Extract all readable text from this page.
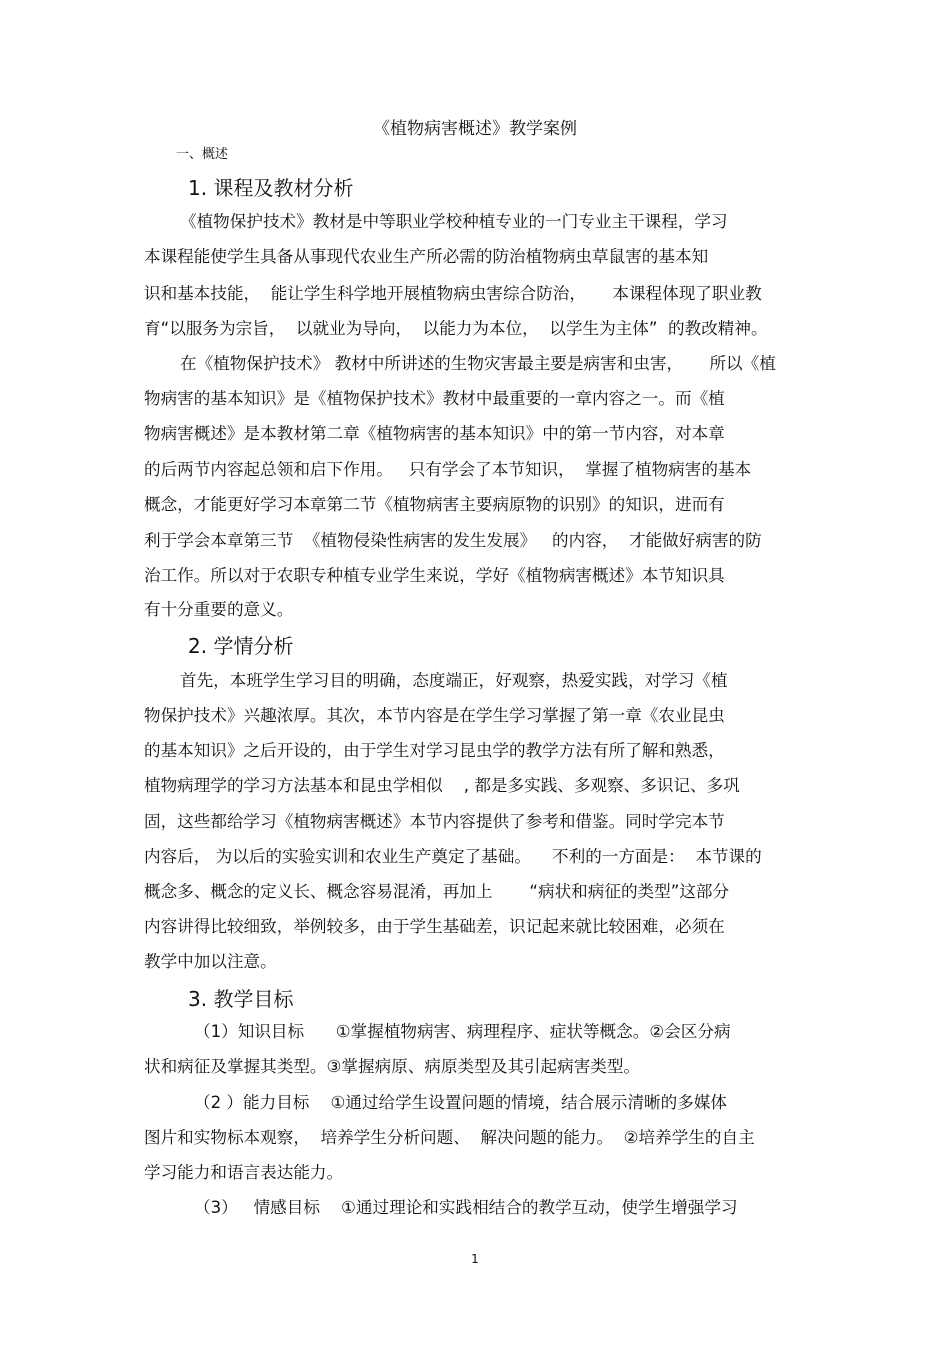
《植物病害概述》教学案例
一、概述
1. 课程及教材分析
《植物保护技术》教材是中等职业学校种植专业的一门专业主干课程，学习
本课程能使学生具备从事现代农业生产所必需的防治植物病虫草鼠害的基本知
识和基本技能，  能让学生科学地开展植物病虫害综合防治，     本课程体现了职业教
育“以服务为宗旨，  以就业为导向，  以能力为本位，  以学生为主体”  的教改精神。
在《植物保护技术》 教材中所讲述的生物灾害最主要是病害和虫害，     所以《植
物病害的基本知识》是《植物保护技术》教材中最重要的一章内容之一。而《植
物病害概述》是本教材第二章《植物病害的基本知识》中的第一节内容，对本章
的后两节内容起总领和启下作用。   只有学会了本节知识，  掌握了植物病害的基本
概念，才能更好学习本章第二节《植物病害主要病原物的识别》的知识，进而有
利于学会本章第三节  《植物侵染性病害的发生发展》   的内容，  才能做好病害的防
治工作。所以对于农职专种植专业学生来说，学好《植物病害概述》本节知识具
有十分重要的意义。
2. 学情分析
首先，本班学生学习目的明确，态度端正，好观察，热爱实践，对学习《植
物保护技术》兴趣浓厚。其次，本节内容是在学生学习掌握了第一章《农业昆虫
的基本知识》之后开设的，由于学生对学习昆虫学的教学方法有所了解和熟悉，
植物病理学的学习方法基本和昆虫学相似    , 都是多实践、多观察、多识记、多巩
固，这些都给学习《植物病害概述》本节内容提供了参考和借鉴。同时学完本节
内容后， 为以后的实验实训和农业生产奠定了基础。    不利的一方面是：  本节课的
概念多、概念的定义长、概念容易混淆，再加上       “病状和病征的类型”这部分
内容讲得比较细致，举例较多，由于学生基础差，识记起来就比较困难，必须在
教学中加以注意。
3. 教学目标
（1）知识目标      ①掌握植物病害、病理程序、症状等概念。②会区分病
状和病征及掌握其类型。③掌握病原、病原类型及其引起病害类型。
（2 ）能力目标    ①通过给学生设置问题的情境，结合展示清晰的多媒体
图片和实物标本观察，  培养学生分析问题、  解决问题的能力。  ②培养学生的自主
学习能力和语言表达能力。
（3）   情感目标    ①通过理论和实践相结合的教学互动，使学生增强学习
1
